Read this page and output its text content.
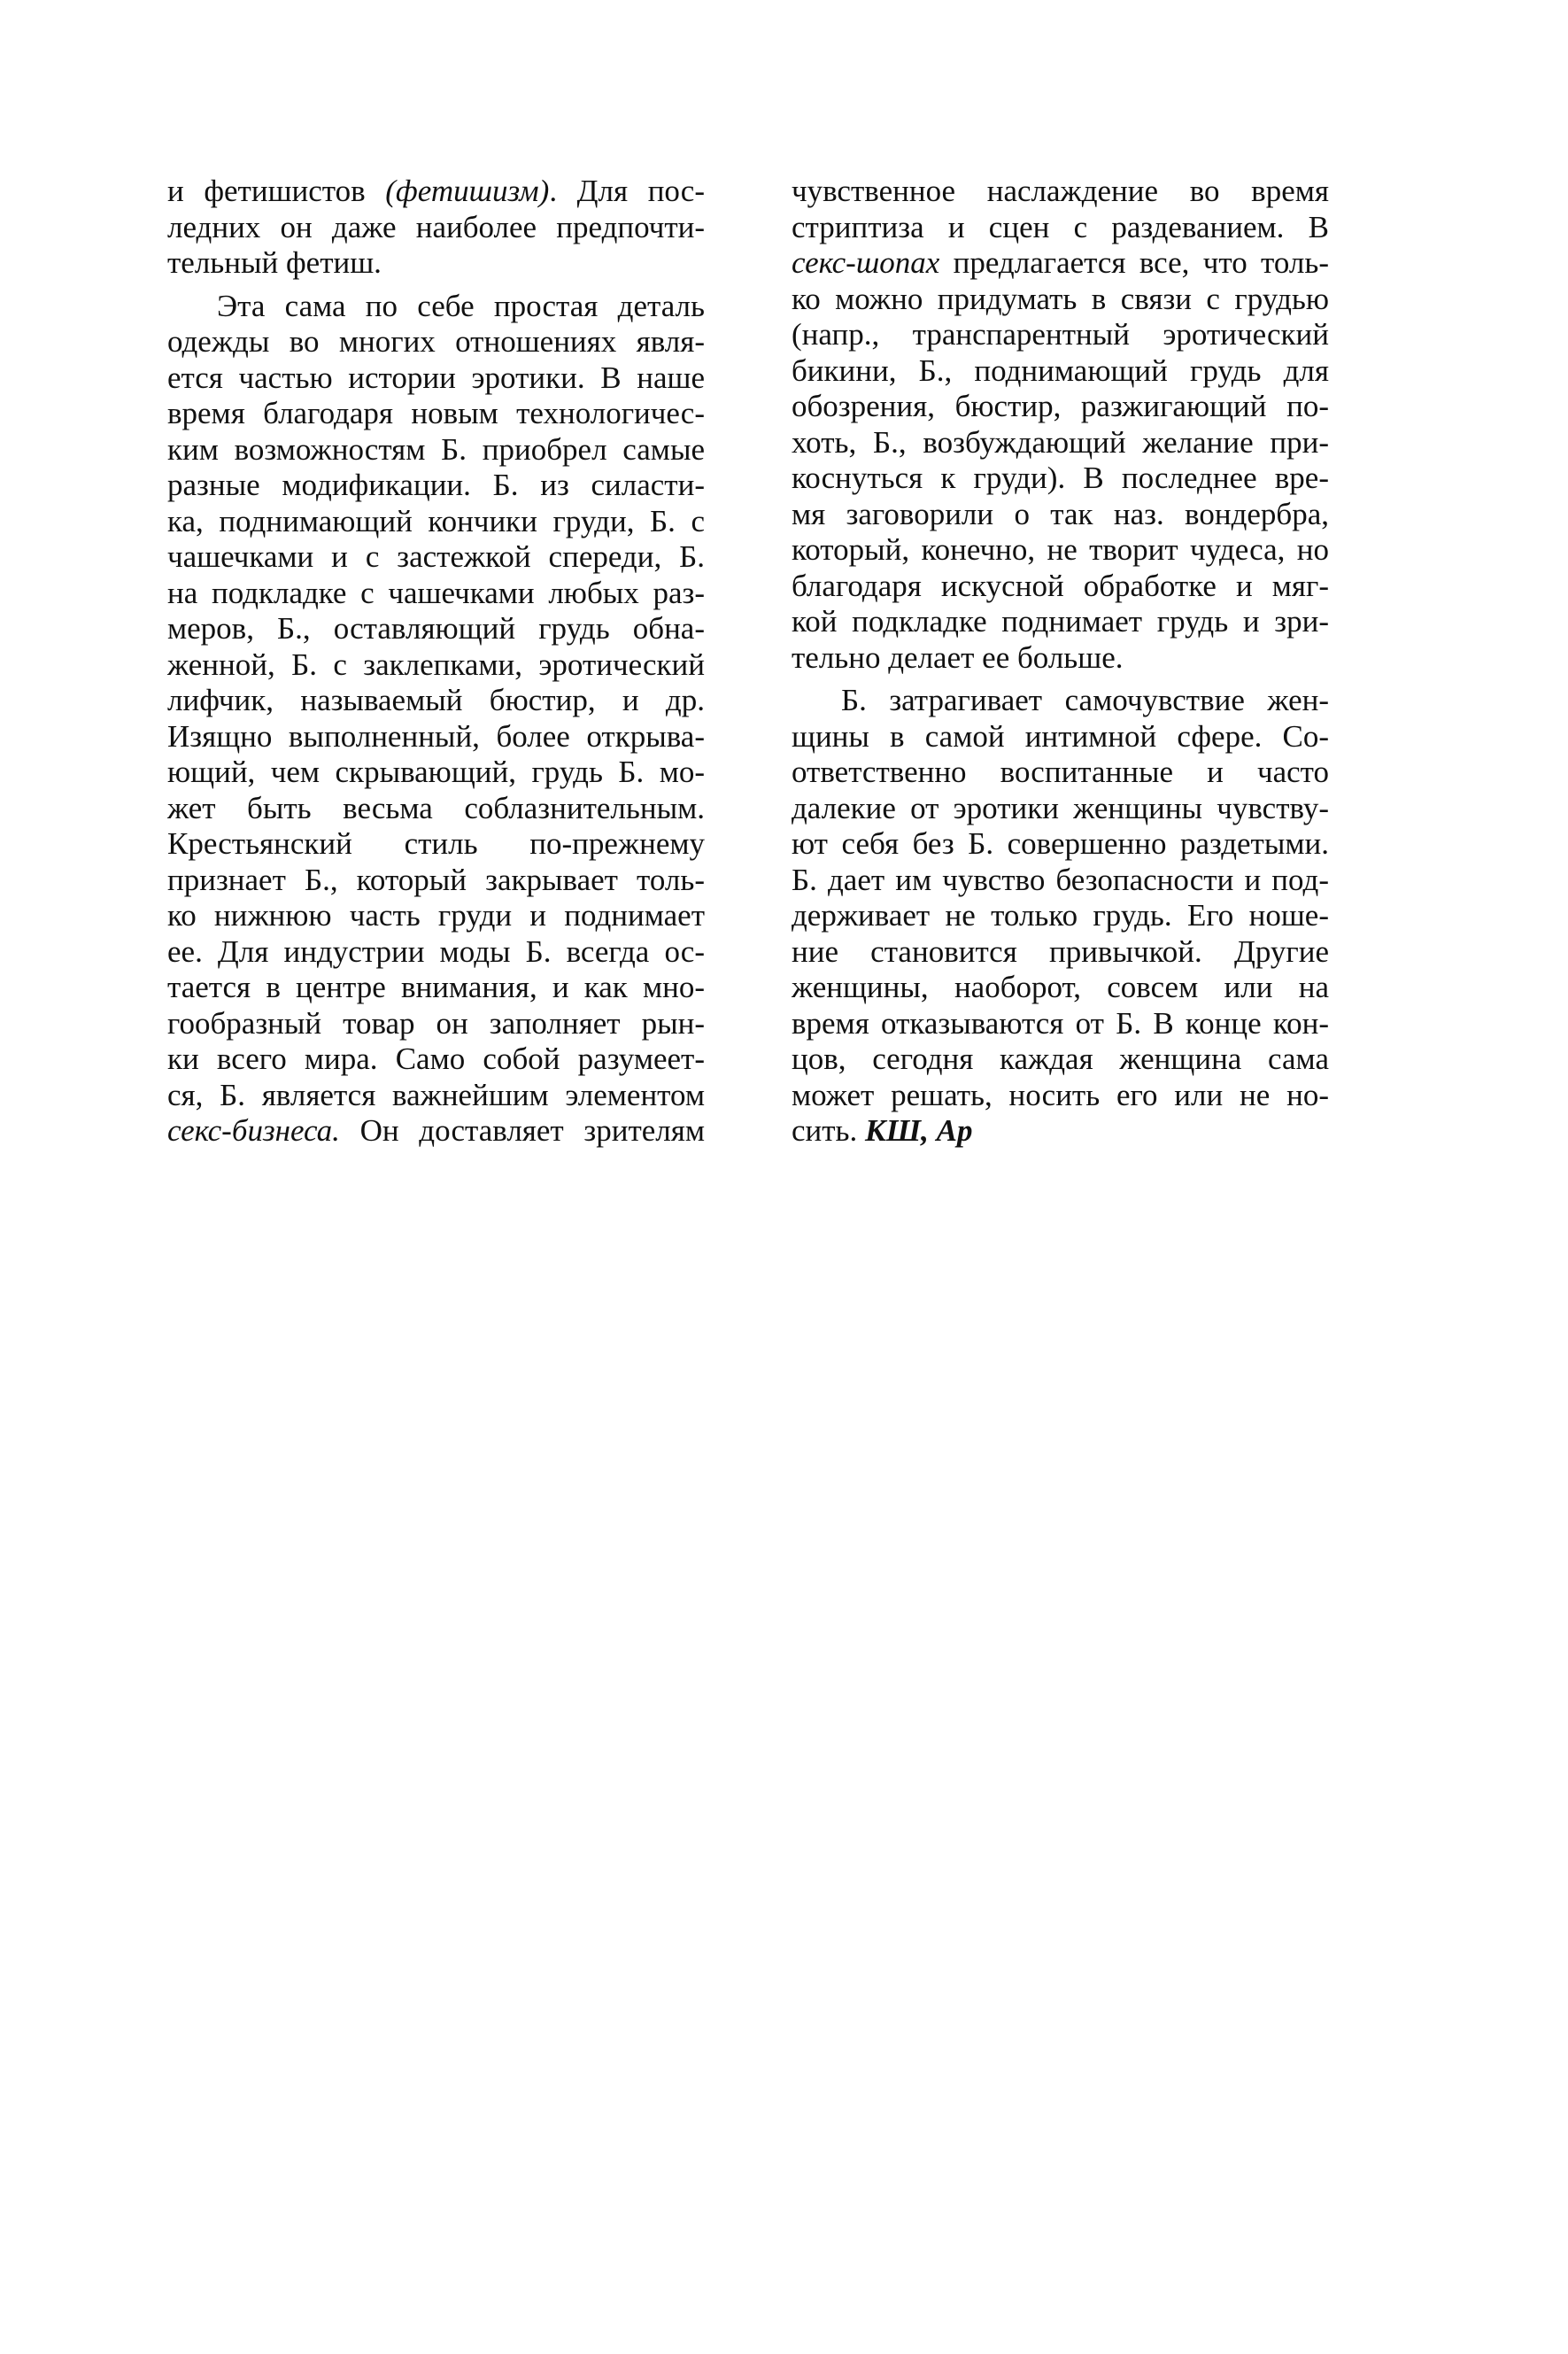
и фетишистов (фетишизм). Для пос-
ледних он даже наиболее предпочти-
тельный фетиш.

Эта сама по себе простая деталь
одежды во многих отношениях явля-
ется частью истории эротики. В наше
время благодаря новым технологичес-
ким возможностям Б. приобрел самые
разные модификации. Б. из силасти-
ка, поднимающий кончики груди, Б. с
чашечками и с застежкой спереди, Б.
на подкладке с чашечками любых раз-
меров, Б., оставляющий грудь обна-
женной, Б. с заклепками, эротический
лифчик, называемый бюстир, и др.
Изящно выполненный, более открыва-
ющий, чем скрывающий, грудь Б. мо-
жет быть весьма соблазнительным.
Крестьянский стиль по-прежнему
признает Б., который закрывает толь-
ко нижнюю часть груди и поднимает
ее. Для индустрии моды Б. всегда ос-
тается в центре внимания, и как мно-
гообразный товар он заполняет рын-
ки всего мира. Само собой разумеет-
ся, Б. является важнейшим элементом
секс-бизнеса. Он доставляет зрителям

чувственное наслаждение во время
стриптиза и сцен с раздеванием. В
секс-шопах предлагается все, что толь-
ко можно придумать в связи с грудью
(напр., транспарентный эротический
бикини, Б., поднимающий грудь для
обозрения, бюстир, разжигающий по-
хоть, Б., возбуждающий желание при-
коснуться к груди). В последнее вре-
мя заговорили о так наз. вондербра,
который, конечно, не творит чудеса, но
благодаря искусной обработке и мяг-
кой подкладке поднимает грудь и зри-
тельно делает ее больше.

Б. затрагивает самочувствие жен-
щины в самой интимной сфере. Со-
ответственно воспитанные и часто
далекие от эротики женщины чувству-
ют себя без Б. совершенно раздетыми.
Б. дает им чувство безопасности и под-
держивает не только грудь. Его ноше-
ние становится привычкой. Другие
женщины, наоборот, совсем или на
время отказываются от Б. В конце кон-
цов, сегодня каждая женщина сама
может решать, носить его или не но-
сить. КШ, Ар
